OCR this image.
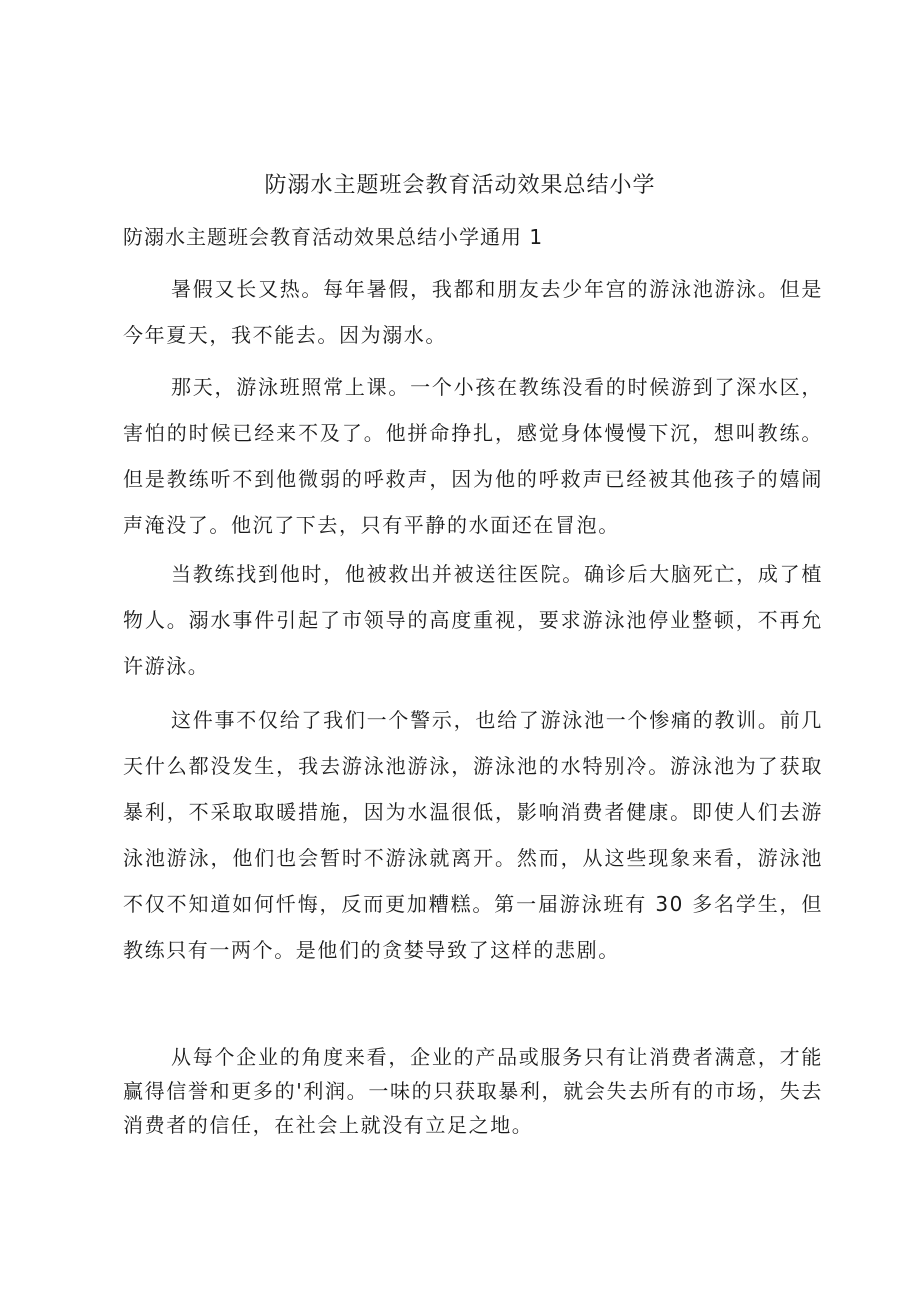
防溺水主题班会教育活动效果总结小学

防溺水主题班会教育活动效果总结小学通用 1

暑假又长又热。每年暑假，我都和朋友去少年宫的游泳池游泳。但是今年夏天，我不能去。因为溺水。

那天，游泳班照常上课。一个小孩在教练没看的时候游到了深水区，害怕的时候已经来不及了。他拼命挣扎，感觉身体慢慢下沉，想叫教练。但是教练听不到他微弱的呼救声，因为他的呼救声已经被其他孩子的嬉闹声淹没了。他沉了下去，只有平静的水面还在冒泡。

当教练找到他时，他被救出并被送往医院。确诊后大脑死亡，成了植物人。溺水事件引起了市领导的高度重视，要求游泳池停业整顿，不再允许游泳。

这件事不仅给了我们一个警示，也给了游泳池一个惨痛的教训。前几天什么都没发生，我去游泳池游泳，游泳池的水特别冷。游泳池为了获取暴利，不采取取暖措施，因为水温很低，影响消费者健康。即使人们去游泳池游泳，他们也会暂时不游泳就离开。然而，从这些现象来看，游泳池不仅不知道如何忏悔，反而更加糟糕。第一届游泳班有 30 多名学生，但教练只有一两个。是他们的贪婪导致了这样的悲剧。

从每个企业的角度来看，企业的产品或服务只有让消费者满意，才能赢得信誉和更多的'利润。一味的只获取暴利，就会失去所有的市场，失去消费者的信任，在社会上就没有立足之地。
